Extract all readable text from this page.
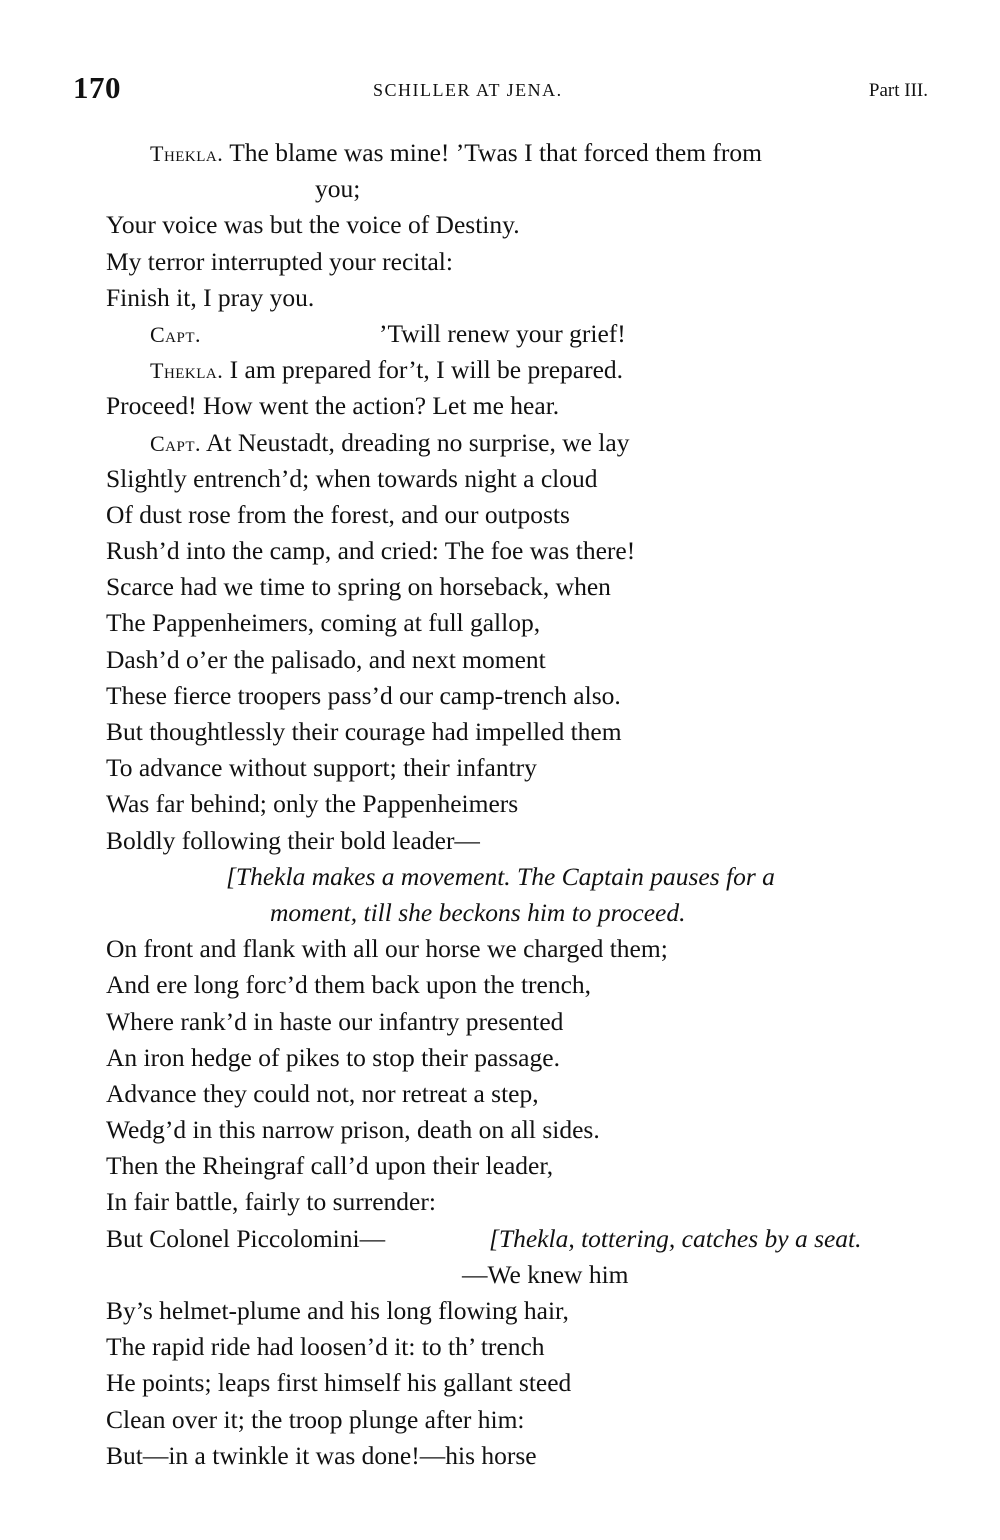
170	SCHILLER AT JENA.	Part III.
Thekla. The blame was mine! ’Twas I that forced them from
you;
Your voice was but the voice of Destiny.
My terror interrupted your recital:
Finish it, I pray you.
Capt.	’Twill renew your grief!
Thekla. I am prepared for’t, I will be prepared.
Proceed! How went the action? Let me hear.
Capt. At Neustadt, dreading no surprise, we lay
Slightly entrench’d; when towards night a cloud
Of dust rose from the forest, and our outposts
Rush’d into the camp, and cried: The foe was there!
Scarce had we time to spring on horseback, when
The Pappenheimers, coming at full gallop,
Dash’d o’er the palisado, and next moment
These fierce troopers pass’d our camp-trench also.
But thoughtlessly their courage had impelled them
To advance without support; their infantry
Was far behind; only the Pappenheimers
Boldly following their bold leader—
[Thekla makes a movement. The Captain pauses for a
moment, till she beckons him to proceed.
On front and flank with all our horse we charged them;
And ere long forc’d them back upon the trench,
Where rank’d in haste our infantry presented
An iron hedge of pikes to stop their passage.
Advance they could not, nor retreat a step,
Wedg’d in this narrow prison, death on all sides.
Then the Rheingraf call’d upon their leader,
In fair battle, fairly to surrender:
But Colonel Piccolomini—	[Thekla, tottering, catches by a seat.
—We knew him
By’s helmet-plume and his long flowing hair,
The rapid ride had loosen’d it: to th’ trench
He points; leaps first himself his gallant steed
Clean over it; the troop plunge after him:
But—in a twinkle it was done!—his horse
